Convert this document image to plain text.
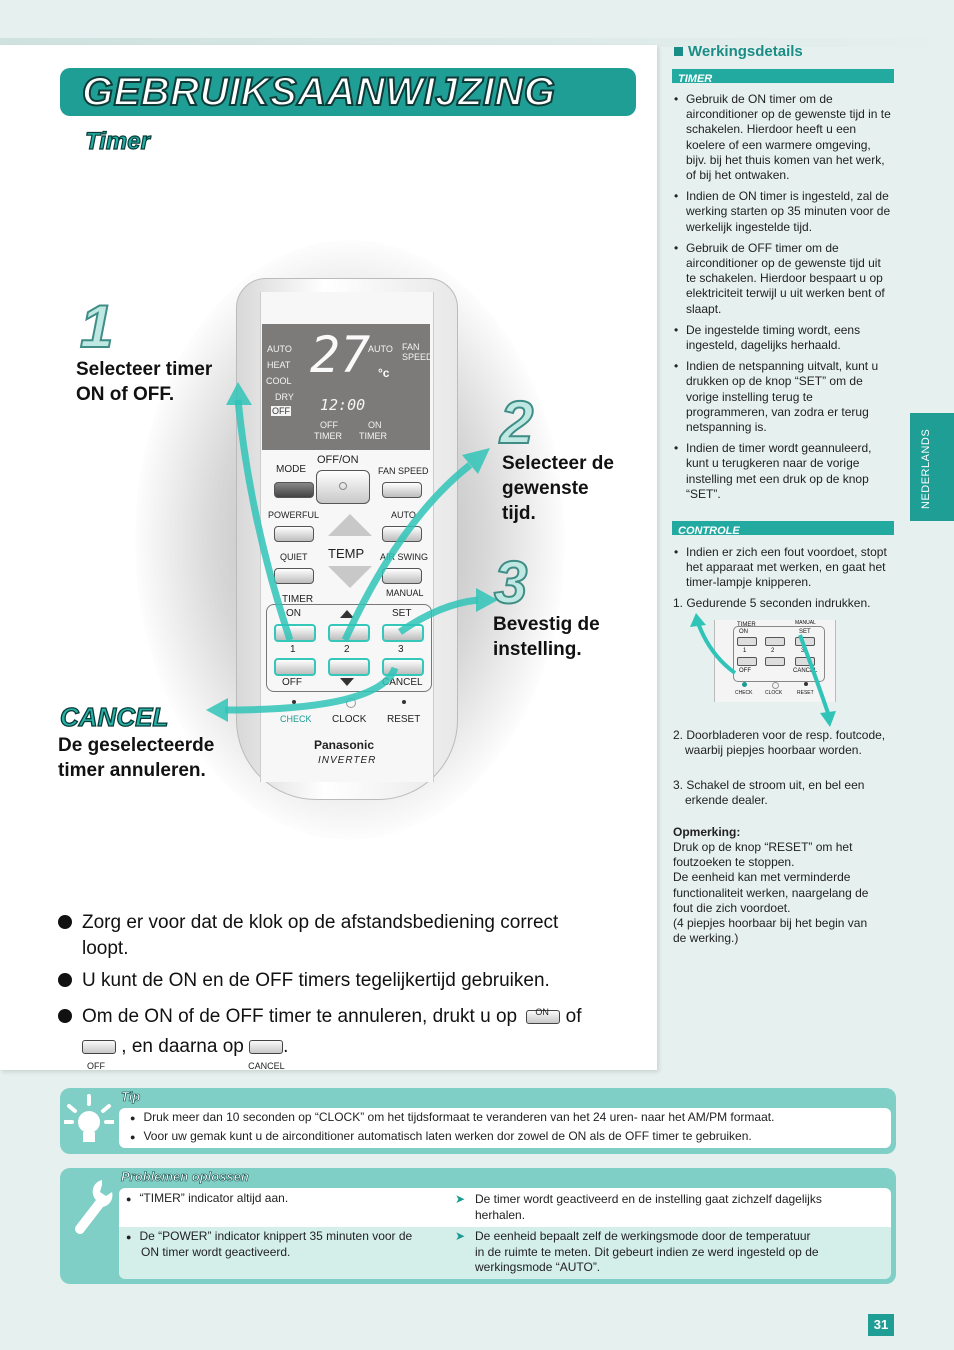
GEBRUIKSAANWIJZING
Timer
AUTO
HEAT
COOL
DRY
OFF
27 °c
AUTO FAN
SPEED
12:00
OFF
TIMER
ON
TIMER
MODE
OFF/ON
FAN SPEED
POWERFUL	AUTO
TEMP
QUIET	AIR SWING
MANUAL
TIMER
ON	SET
1	2	3
OFF	CANCEL
CHECK CLOCK RESET
Panasonic
INVERTER
1
Selecteer timer
ON of OFF.	2
Selecteer de
gewenste
tijd.
3
Bevestig de
instelling.
CANCEL
De geselecteerde
timer annuleren.
Zorg er voor dat de klok op de afstandsbediening correct
loopt.
U kunt de ON en de OFF timers tegelijkertijd gebruiken.
Om de ON of de OFF timer te annuleren, drukt u op ON of
OFF
, en daarna op
CANCEL
.
Werkingsdetails
TIMER
• Gebruik de ON timer om de airconditioner op de gewenste tijd in te schakelen. Hierdoor heeft u een koelere of een warmere omgeving, bijv. bij het thuis komen van het werk, of bij het ontwaken.
• Indien de ON timer is ingesteld, zal de werking starten op 35 minuten voor de werkelijk ingestelde tijd.
• Gebruik de OFF timer om de airconditioner op de gewenste tijd uit te schakelen. Hierdoor bespaart u op elektriciteit terwijl u uit werken bent of slaapt.
• De ingestelde timing wordt, eens ingesteld, dagelijks herhaald.
• Indien de netspanning uitvalt, kunt u drukken op de knop “SET” om de vorige instelling terug te programmeren, van zodra er terug netspanning is.
• Indien de timer wordt geannuleerd, kunt u terugkeren naar de vorige instelling met een druk op de knop “SET”.
CONTROLE
• Indien er zich een fout voordoet, stopt het apparaat met werken, en gaat het timer-lampje knipperen.
1. Gedurende 5 seconden indrukken.
TIMER
ON
MANUAL
SET
1	2	3
OFF	CANCEL
CHECK CLOCK	RESET
2. Doorbladeren voor de resp. foutcode, waarbij piepjes hoorbaar worden.
3. Schakel de stroom uit, en bel een erkende dealer.
Opmerking:
Druk op de knop “RESET” om het
foutzoeken te stoppen.
De eenheid kan met verminderde
functionaliteit werken, naargelang de
fout die zich voordoet.
(4 piepjes hoorbaar bij het begin van
de werking.)
NEDERLANDS
Tip
● Druk meer dan 10 seconden op “CLOCK” om het tijdsformaat te veranderen van het 24 uren- naar het AM/PM formaat.
● Voor uw gemak kunt u de airconditioner automatisch laten werken dor zowel de ON als de OFF timer te gebruiken.
Problemen oplossen
● “TIMER” indicator altijd aan.	➤ De timer wordt geactiveerd en de instelling gaat zichzelf dagelijks
herhalen.
● De “POWER” indicator knippert 35 minuten voor de
ON timer wordt geactiveerd.
➤ De eenheid bepaalt zelf de werkingsmode door de temperatuur
in de ruimte te meten. Dit gebeurt indien ze werd ingesteld op de
werkingsmode “AUTO”.
31
